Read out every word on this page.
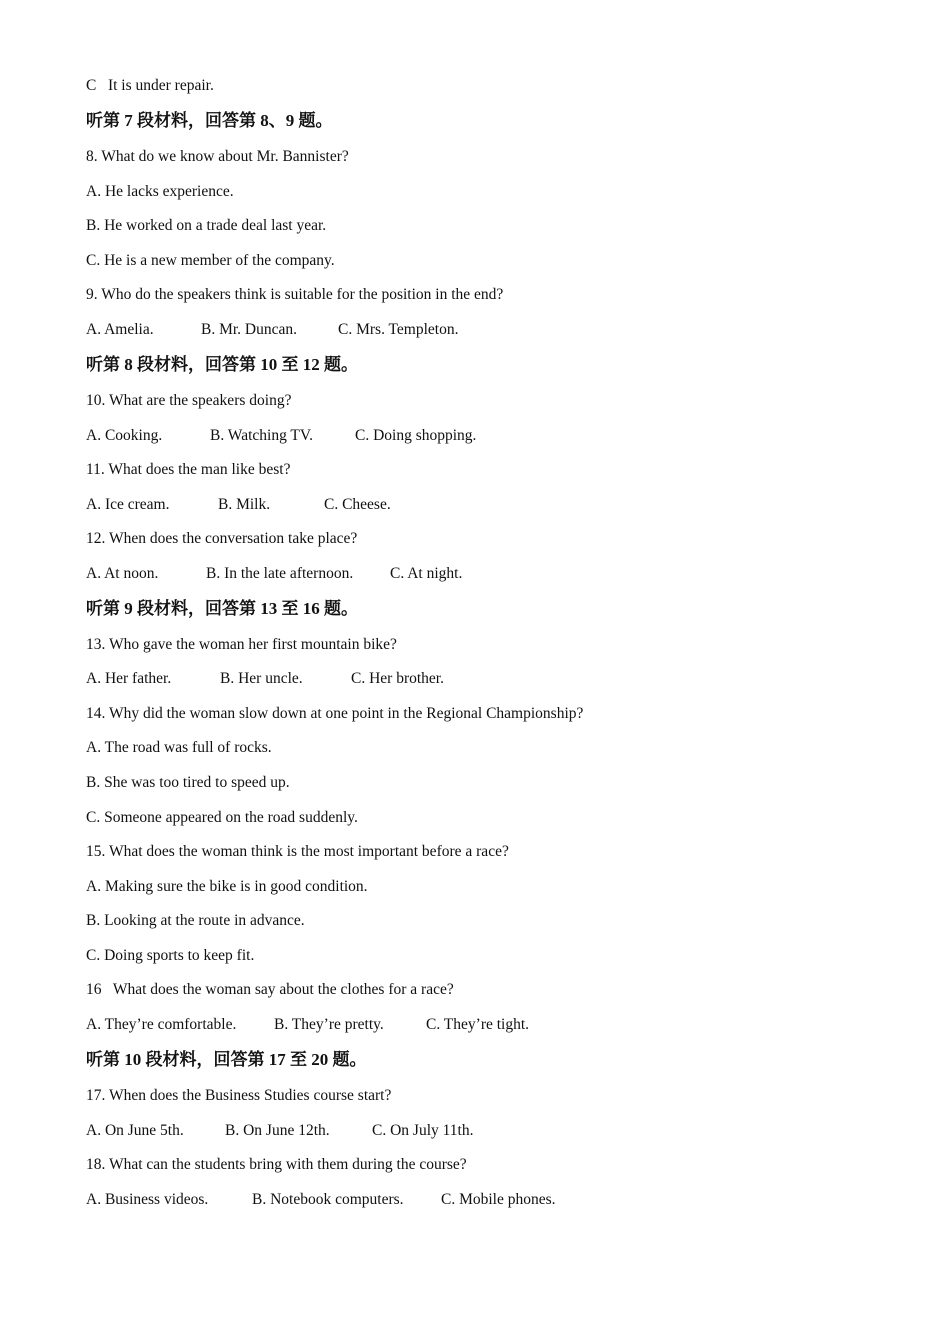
C   It is under repair.
听第 7 段材料，回答第 8、9 题。
8. What do we know about Mr. Bannister?
A. He lacks experience.
B. He worked on a trade deal last year.
C. He is a new member of the company.
9. Who do the speakers think is suitable for the position in the end?
A. Amelia.	B. Mr. Duncan.	C. Mrs. Templeton.
听第 8 段材料，回答第 10 至 12 题。
10. What are the speakers doing?
A. Cooking.	B. Watching TV.	C. Doing shopping.
11. What does the man like best?
A. Ice cream.	B. Milk.	C. Cheese.
12. When does the conversation take place?
A. At noon.	B. In the late afternoon. C. At night.
听第 9 段材料，回答第 13 至 16 题。
13. Who gave the woman her first mountain bike?
A. Her father.	B. Her uncle.	C. Her brother.
14. Why did the woman slow down at one point in the Regional Championship?
A. The road was full of rocks.
B. She was too tired to speed up.
C. Someone appeared on the road suddenly.
15. What does the woman think is the most important before a race?
A. Making sure the bike is in good condition.
B. Looking at the route in advance.
C. Doing sports to keep fit.
16   What does the woman say about the clothes for a race?
A. They’re comfortable. B. They’re pretty.	C. They’re tight.
听第 10 段材料，回答第 17 至 20 题。
17. When does the Business Studies course start?
A. On June 5th.	B. On June 12th.	C. On July 11th.
18. What can the students bring with them during the course?
A. Business videos.	B. Notebook computers. C. Mobile phones.
